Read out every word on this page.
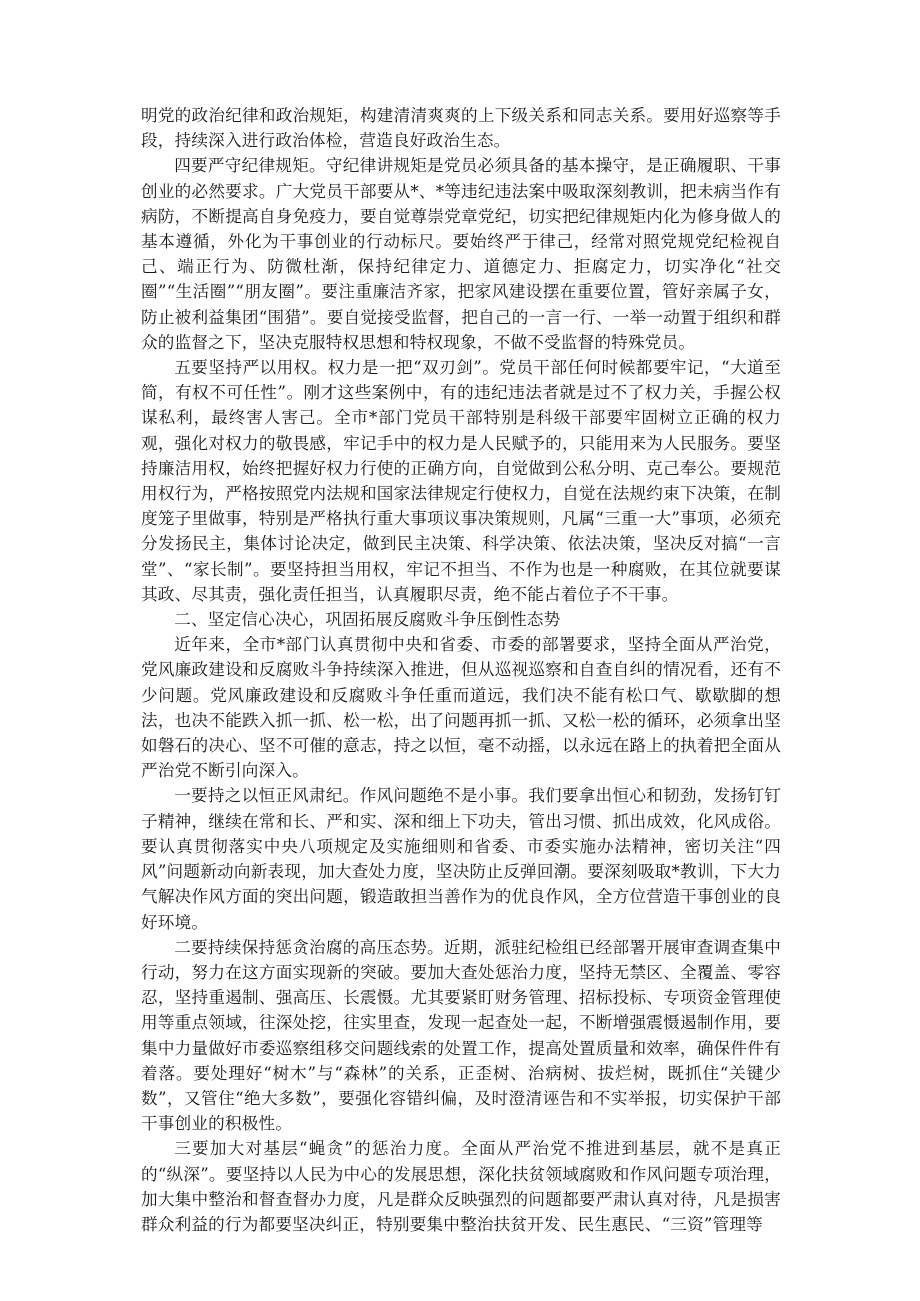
明党的政治纪律和政治规矩，构建清清爽爽的上下级关系和同志关系。要用好巡察等手段，持续深入进行政治体检，营造良好政治生态。

四要严守纪律规矩。守纪律讲规矩是党员必须具备的基本操守，是正确履职、干事创业的必然要求。广大党员干部要从*、*等违纪违法案中吸取深刻教训，把未病当作有病防，不断提高自身免疫力，要自觉尊崇党章党纪，切实把纪律规矩内化为修身做人的基本遵循，外化为干事创业的行动标尺。要始终严于律己，经常对照党规党纪检视自己、端正行为、防微杜渐，保持纪律定力、道德定力、拒腐定力，切实净化“社交圈”“生活圈”“朋友圈”。要注重廉洁齐家，把家风建设摆在重要位置，管好亲属子女，防止被利益集团“围猎”。要自觉接受监督，把自己的一言一行、一举一动置于组织和群众的监督之下，坚决克服特权思想和特权现象，不做不受监督的特殊党员。

五要坚持严以用权。权力是一把“双刃剑”。党员干部任何时候都要牢记，“大道至简，有权不可任性”。刚才这些案例中，有的违纪违法者就是过不了权力关，手握公权谋私利，最终害人害己。全市*部门党员干部特别是科级干部要牢固树立正确的权力观，强化对权力的敬畏感，牢记手中的权力是人民赋予的，只能用来为人民服务。要坚持廉洁用权，始终把握好权力行使的正确方向，自觉做到公私分明、克己奉公。要规范用权行为，严格按照党内法规和国家法律规定行使权力，自觉在法规约束下决策，在制度笼子里做事，特别是严格执行重大事项议事决策规则，凡属“三重一大”事项，必须充分发扬民主，集体讨论决定，做到民主决策、科学决策、依法决策，坚决反对搞“一言堂”、“家长制”。要坚持担当用权，牢记不担当、不作为也是一种腐败，在其位就要谋其政、尽其责，强化责任担当，认真履职尽责，绝不能占着位子不干事。

二、坚定信心决心，巩固拓展反腐败斗争压倒性态势

近年来，全市*部门认真贯彻中央和省委、市委的部署要求，坚持全面从严治党，党风廉政建设和反腐败斗争持续深入推进，但从巡视巡察和自查自纠的情况看，还有不少问题。党风廉政建设和反腐败斗争任重而道远，我们决不能有松口气、歇歇脚的想法，也决不能跌入抓一抓、松一松，出了问题再抓一抓、又松一松的循环，必须拿出坚如磐石的决心、坚不可催的意志，持之以恒，毫不动摇，以永远在路上的执着把全面从严治党不断引向深入。

一要持之以恒正风肃纪。作风问题绝不是小事。我们要拿出恒心和韧劲，发扬钉钉子精神，继续在常和长、严和实、深和细上下功夫，管出习惯、抓出成效，化风成俗。要认真贯彻落实中央八项规定及实施细则和省委、市委实施办法精神，密切关注“四风”问题新动向新表现，加大查处力度，坚决防止反弹回潮。要深刻吸取*教训，下大力气解决作风方面的突出问题，锻造敢担当善作为的优良作风，全方位营造干事创业的良好环境。

二要持续保持惩贪治腐的高压态势。近期，派驻纪检组已经部署开展审查调查集中行动，努力在这方面实现新的突破。要加大查处惩治力度，坚持无禁区、全覆盖、零容忍，坚持重遏制、强高压、长震慑。尤其要紧盯财务管理、招标投标、专项资金管理使用等重点领域，往深处挖，往实里查，发现一起查处一起，不断增强震慑遏制作用，要集中力量做好市委巡察组移交问题线索的处置工作，提高处置质量和效率，确保件件有着落。要处理好“树木”与“森林”的关系，正歪树、治病树、拔烂树，既抓住“关键少数”，又管住“绝大多数”，要强化容错纠偏，及时澄清诬告和不实举报，切实保护干部干事创业的积极性。

三要加大对基层“蝇贪”的惩治力度。全面从严治党不推进到基层，就不是真正的“纵深”。要坚持以人民为中心的发展思想，深化扶贫领域腐败和作风问题专项治理，加大集中整治和督查督办力度，凡是群众反映强烈的问题都要严肃认真对待，凡是损害群众利益的行为都要坚决纠正，特别要集中整治扶贫开发、民生惠民、“三资”管理等
